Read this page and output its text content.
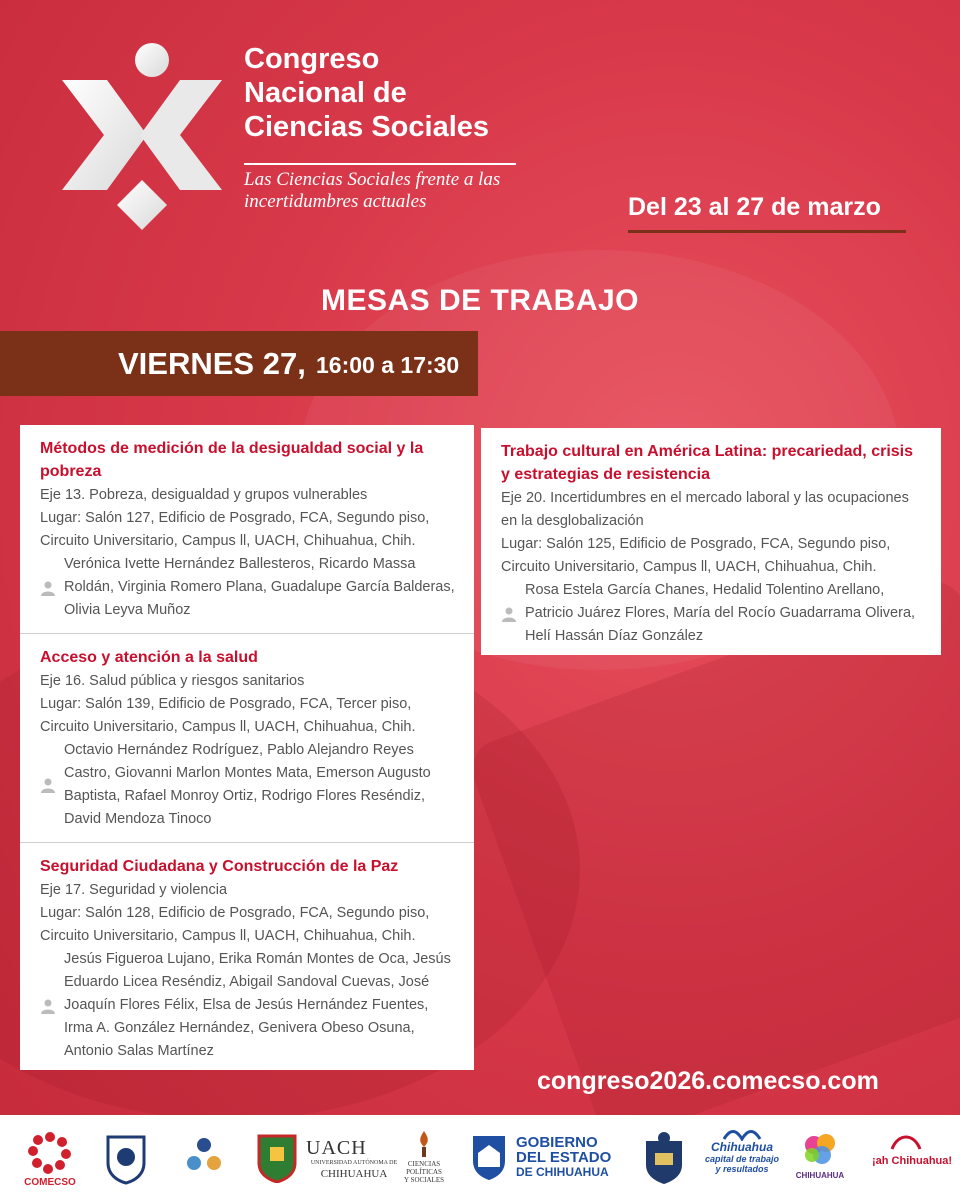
Congreso
Nacional de
Ciencias Sociales
Las Ciencias Sociales frente a las
incertidumbres actuales	Del 23 al 27 de marzo
MESAS DE TRABAJO
VIERNES 27, 16:00 a 17:30
Métodos de medición de la desigualdad social y la pobreza
Eje 13. Pobreza, desigualdad y grupos vulnerables
Lugar: Salón 127, Edificio de Posgrado, FCA, Segundo piso, Circuito Universitario, Campus ll, UACH, Chihuahua, Chih.
Verónica Ivette Hernández Ballesteros, Ricardo Massa Roldán, Virginia Romero Plana, Guadalupe García Balderas, Olivia Leyva Muñoz
Acceso y atención a la salud
Eje 16. Salud pública y riesgos sanitarios
Lugar: Salón 139, Edificio de Posgrado, FCA, Tercer piso, Circuito Universitario, Campus ll, UACH, Chihuahua, Chih.
Octavio Hernández Rodríguez, Pablo Alejandro Reyes Castro, Giovanni Marlon Montes Mata, Emerson Augusto Baptista, Rafael Monroy Ortiz, Rodrigo Flores Reséndiz, David Mendoza Tinoco
Seguridad Ciudadana y Construcción de la Paz
Eje 17. Seguridad y violencia
Lugar: Salón 128, Edificio de Posgrado, FCA, Segundo piso, Circuito Universitario, Campus ll, UACH, Chihuahua, Chih.
Jesús Figueroa Lujano, Erika Román Montes de Oca, Jesús Eduardo Licea Reséndiz, Abigail Sandoval Cuevas, José Joaquín Flores Félix, Elsa de Jesús Hernández Fuentes, Irma A. González Hernández, Genivera Obeso Osuna, Antonio Salas Martínez
Trabajo cultural en América Latina: precariedad, crisis y estrategias de resistencia
Eje 20. Incertidumbres en el mercado laboral y las ocupaciones en la desglobalización
Lugar: Salón 125, Edificio de Posgrado, FCA, Segundo piso, Circuito Universitario, Campus ll, UACH, Chihuahua, Chih.
Rosa Estela García Chanes, Hedalid Tolentino Arellano, Patricio Juárez Flores, María del Rocío Guadarrama Olivera, Helí Hassán Díaz González
congreso2026.comecso.com
COMECSO
UACH
UNIVERSIDAD AUTÓNOMA DE
CHIHUAHUA
CIENCIAS
POLÍTICAS
Y SOCIALES
GOBIERNO
DEL ESTADO
DE CHIHUAHUA
Chihuahua
capital de trabajo
y resultados
CHIHUAHUA
¡ah Chihuahua!
